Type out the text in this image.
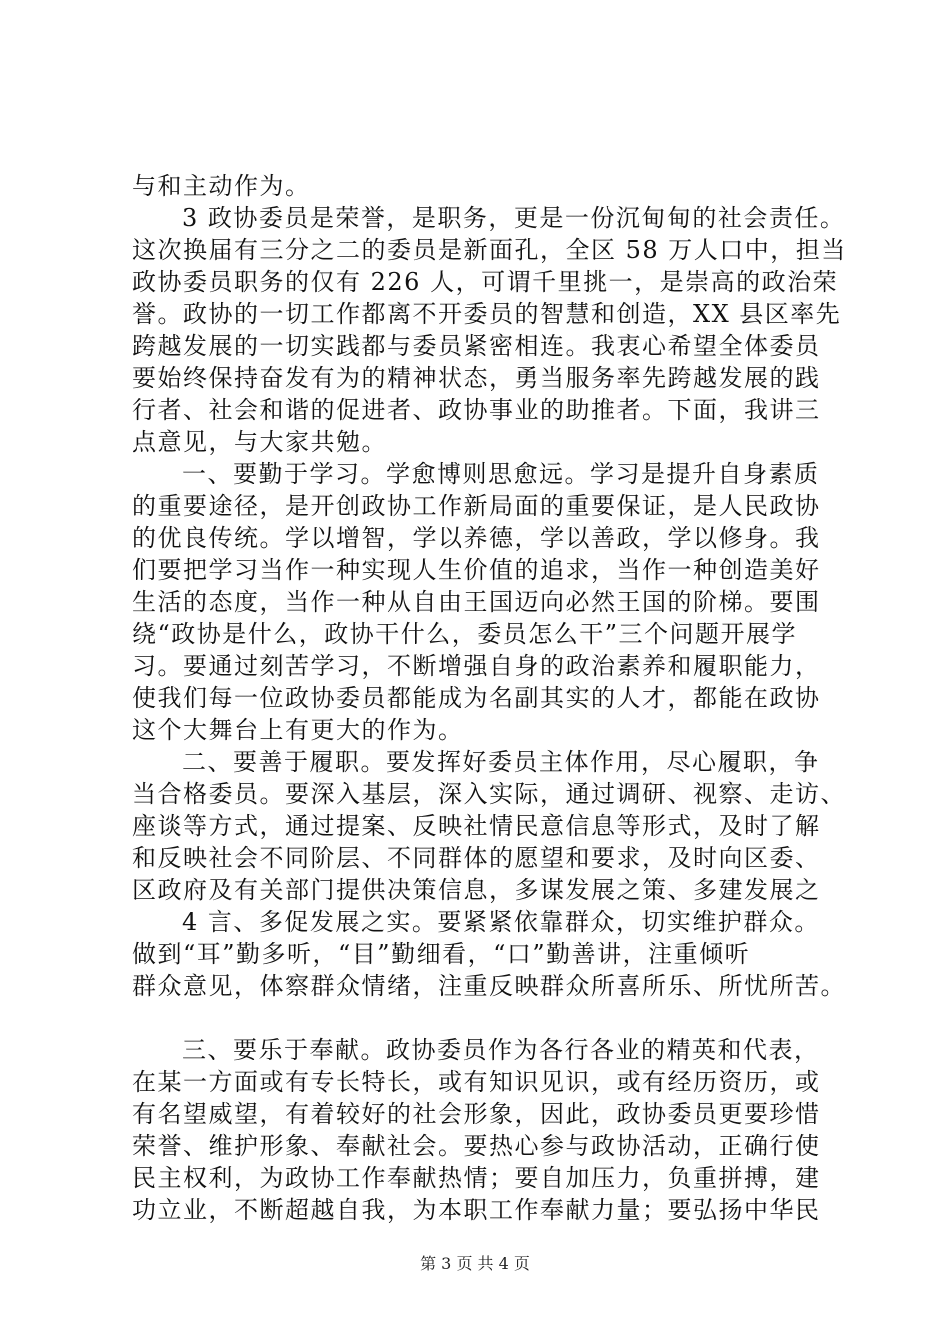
与和主动作为。
3 政协委员是荣誉，是职务，更是一份沉甸甸的社会责任。
这次换届有三分之二的委员是新面孔，全区 58 万人口中，担当
政协委员职务的仅有 226 人，可谓千里挑一，是崇高的政治荣
誉。政协的一切工作都离不开委员的智慧和创造，XX 县区率先
跨越发展的一切实践都与委员紧密相连。我衷心希望全体委员
要始终保持奋发有为的精神状态，勇当服务率先跨越发展的践
行者、社会和谐的促进者、政协事业的助推者。下面，我讲三
点意见，与大家共勉。
一、要勤于学习。学愈博则思愈远。学习是提升自身素质
的重要途径，是开创政协工作新局面的重要保证，是人民政协
的优良传统。学以增智，学以养德，学以善政，学以修身。我
们要把学习当作一种实现人生价值的追求，当作一种创造美好
生活的态度，当作一种从自由王国迈向必然王国的阶梯。要围
绕“政协是什么，政协干什么，委员怎么干”三个问题开展学
习。要通过刻苦学习，不断增强自身的政治素养和履职能力，
使我们每一位政协委员都能成为名副其实的人才，都能在政协
这个大舞台上有更大的作为。
二、要善于履职。要发挥好委员主体作用，尽心履职，争
当合格委员。要深入基层，深入实际，通过调研、视察、走访、
座谈等方式，通过提案、反映社情民意信息等形式，及时了解
和反映社会不同阶层、不同群体的愿望和要求，及时向区委、
区政府及有关部门提供决策信息，多谋发展之策、多建发展之
4 言、多促发展之实。要紧紧依靠群众，切实维护群众。
做到“耳”勤多听，“目”勤细看，“口”勤善讲，注重倾听
群众意见，体察群众情绪，注重反映群众所喜所乐、所忧所苦。
三、要乐于奉献。政协委员作为各行各业的精英和代表，
在某一方面或有专长特长，或有知识见识，或有经历资历，或
有名望威望，有着较好的社会形象，因此，政协委员更要珍惜
荣誉、维护形象、奉献社会。要热心参与政协活动，正确行使
民主权利，为政协工作奉献热情；要自加压力，负重拼搏，建
功立业，不断超越自我，为本职工作奉献力量；要弘扬中华民
第 3 页 共 4 页
